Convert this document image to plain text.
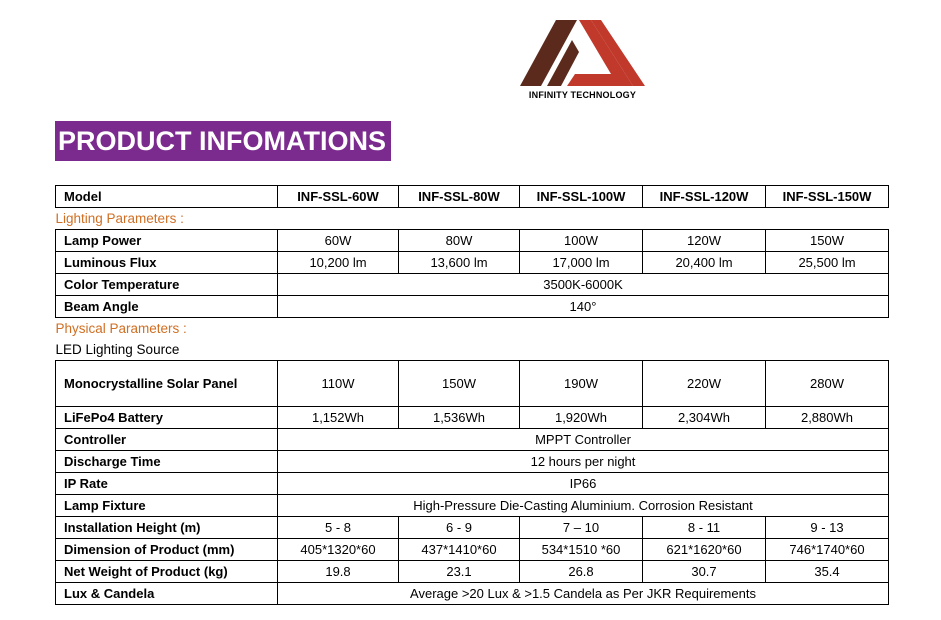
INFINITY TECHNOLOGY
PRODUCT INFOMATIONS
Model	INF-SSL-60W	INF-SSL-80W	INF-SSL-100W	INF-SSL-120W	INF-SSL-150W
Lighting Parameters :					
Lamp Power	60W	80W	100W	120W	150W
Luminous Flux	10,200 lm	13,600 lm	17,000 lm	20,400 lm	25,500 lm
Color Temperature	3500K-6000K				
Beam Angle	140°				
Physical Parameters :					
LED Lighting Source					
Monocrystalline Solar Panel	110W	150W	190W	220W	280W
LiFePo4 Battery	1,152Wh	1,536Wh	1,920Wh	2,304Wh	2,880Wh
Controller	MPPT Controller				
Discharge Time	12 hours per night				
IP Rate	IP66				
Lamp Fixture	High-Pressure Die-Casting Aluminium. Corrosion Resistant				
Installation Height (m)	5 - 8	6 - 9	7 – 10	8 - 11	9 - 13
Dimension of Product (mm)	405*1320*60	437*1410*60	534*1510 *60	621*1620*60	746*1740*60
Net Weight of Product (kg)	19.8	23.1	26.8	30.7	35.4
Lux & Candela	Average >20 Lux & >1.5 Candela as Per JKR Requirements				
